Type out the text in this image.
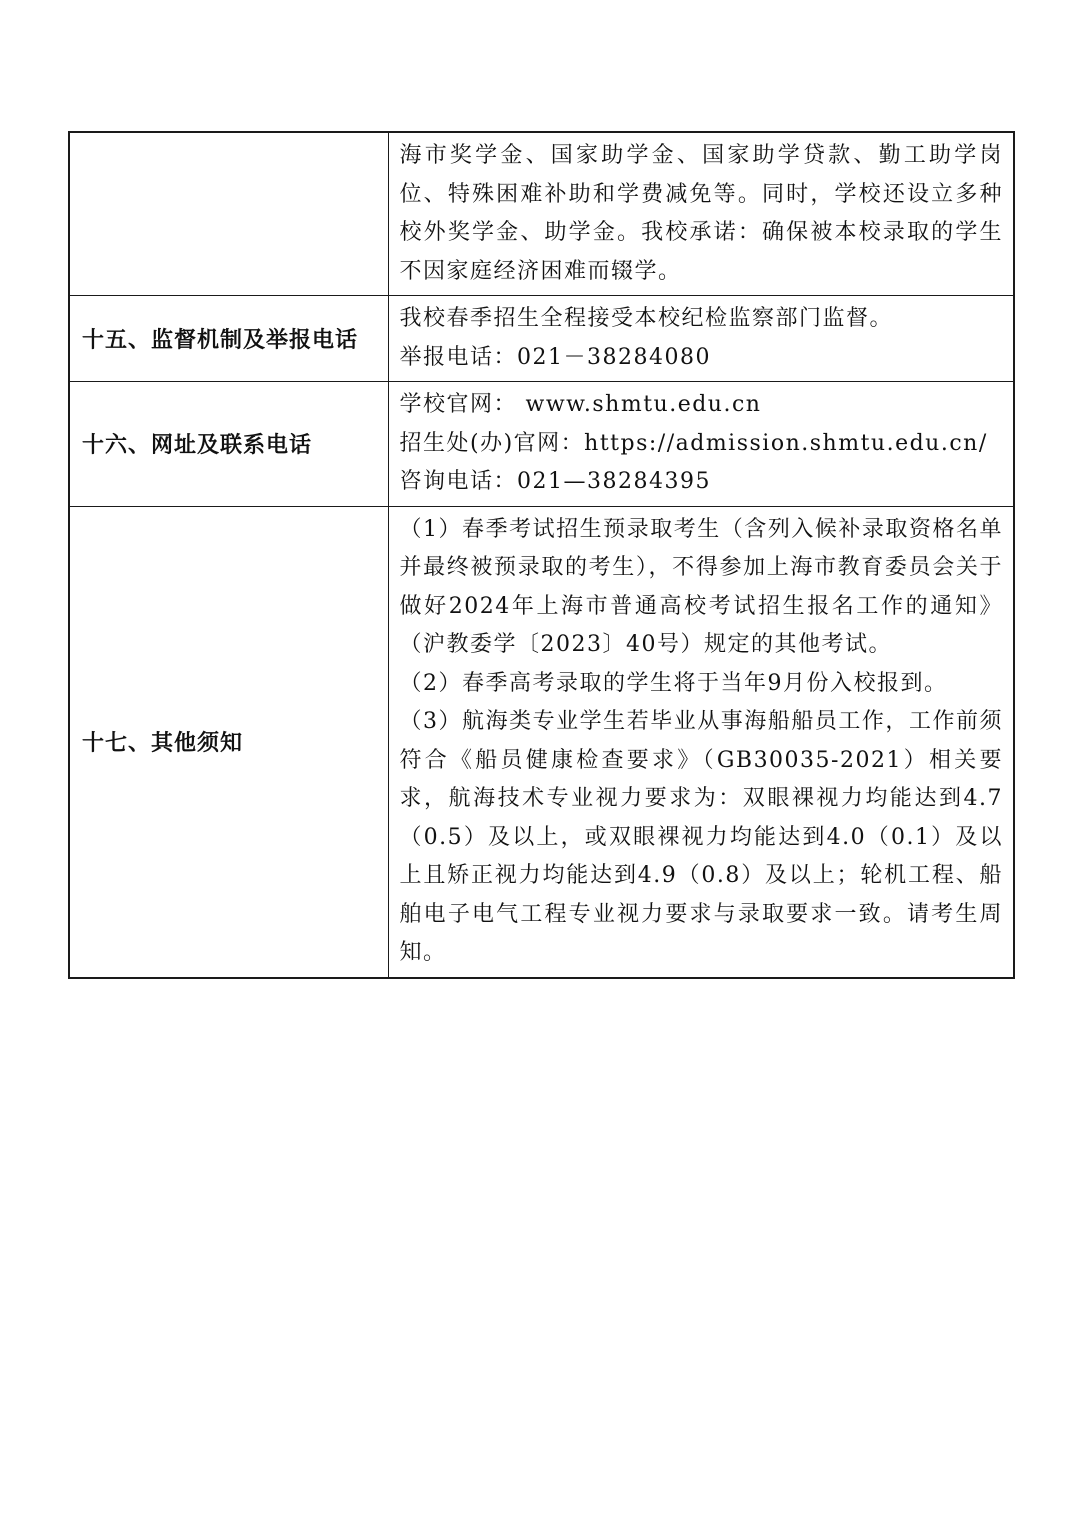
	海市奖学金、国家助学金、国家助学贷款、勤工助学岗位、特殊困难补助和学费减免等。同时，学校还设立多种校外奖学金、助学金。我校承诺：确保被本校录取的学生不因家庭经济困难而辍学。

十五、监督机制及举报电话	我校春季招生全程接受本校纪检监察部门监督。
举报电话：021－38284080

十六、网址及联系电话	学校官网： www.shmtu.edu.cn
招生处(办)官网：https://admission.shmtu.edu.cn/
咨询电话：021—38284395

十七、其他须知	（1）春季考试招生预录取考生（含列入候补录取资格名单并最终被预录取的考生），不得参加上海市教育委员会关于做好2024年上海市普通高校考试招生报名工作的通知》（沪教委学〔2023〕40号）规定的其他考试。
（2）春季高考录取的学生将于当年9月份入校报到。
（3）航海类专业学生若毕业从事海船船员工作，工作前须符合《船员健康检查要求》（GB30035-2021）相关要求，航海技术专业视力要求为：双眼裸视力均能达到4.7（0.5）及以上，或双眼裸视力均能达到4.0（0.1）及以上且矫正视力均能达到4.9（0.8）及以上；轮机工程、船舶电子电气工程专业视力要求与录取要求一致。请考生周知。
